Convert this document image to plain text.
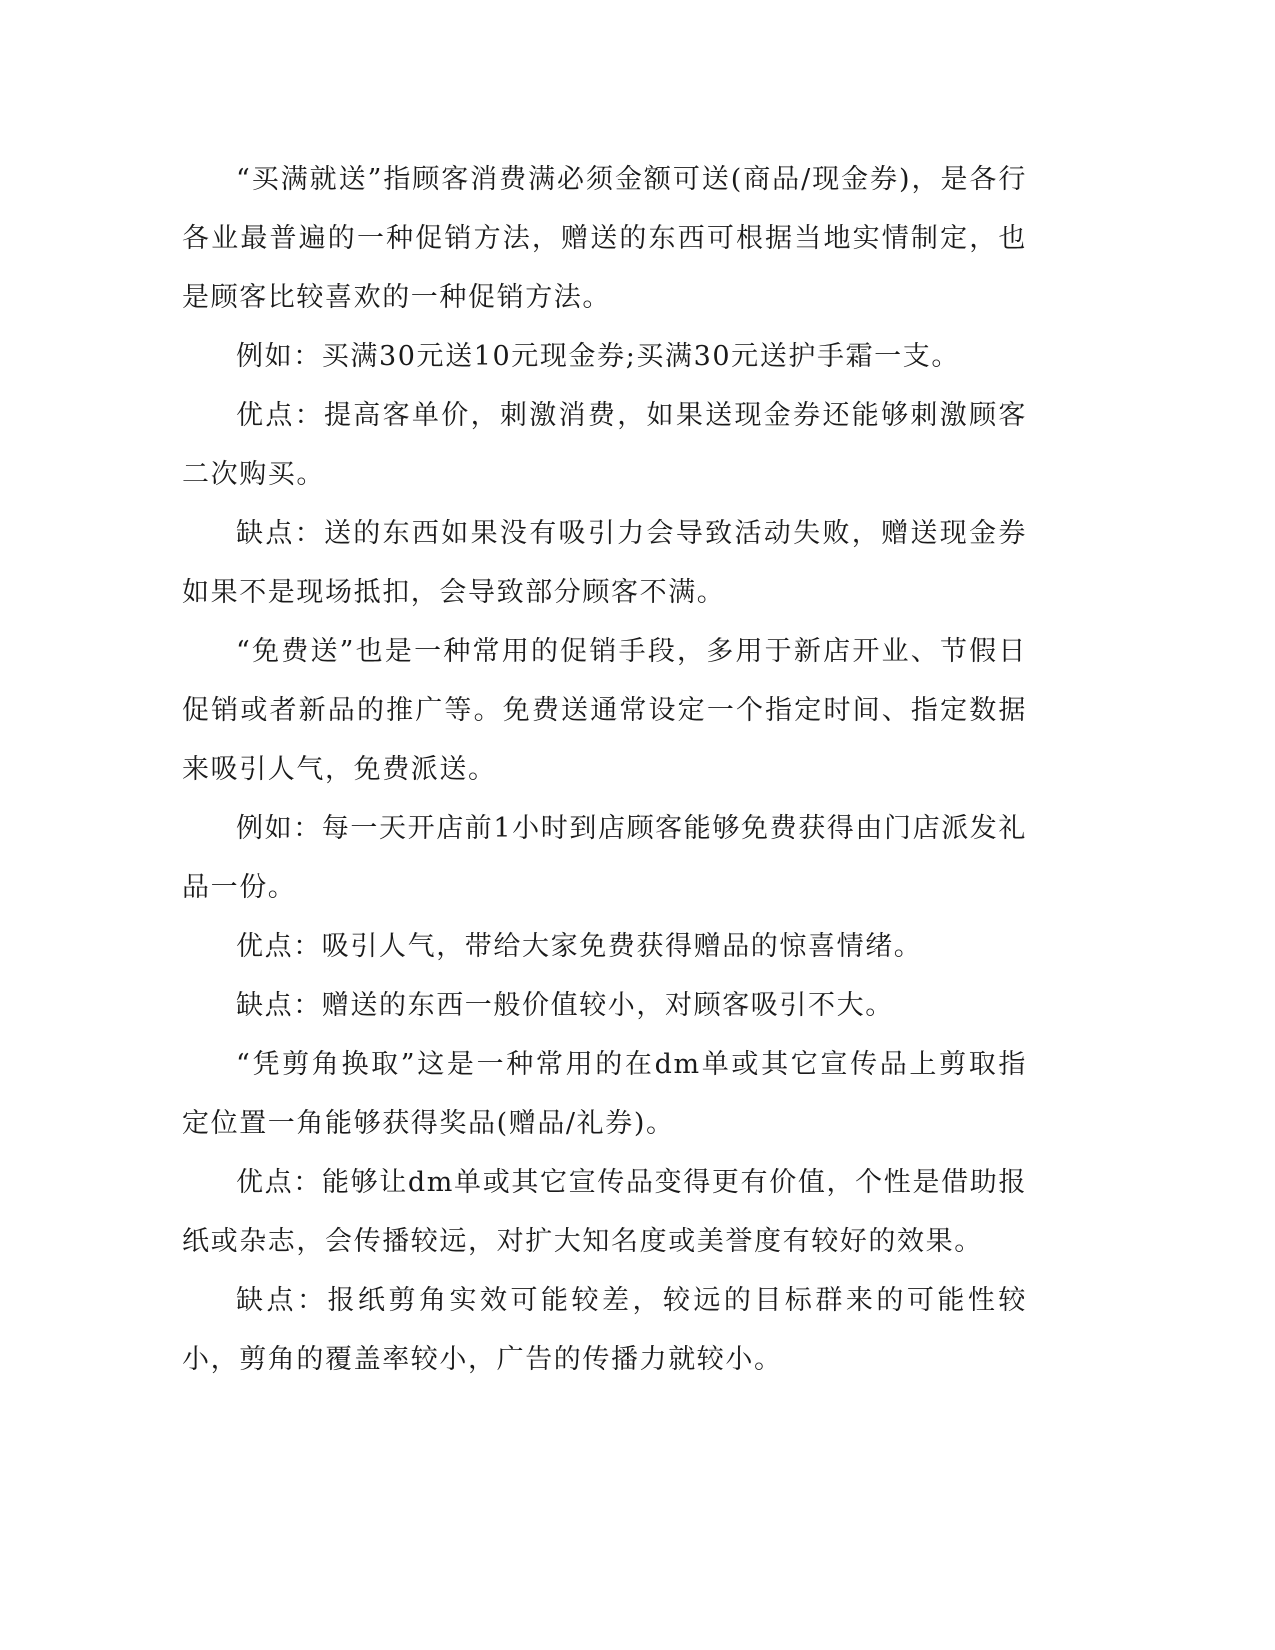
“买满就送”指顾客消费满必须金额可送(商品/现金券)，是各行各业最普遍的一种促销方法，赠送的东西可根据当地实情制定，也是顾客比较喜欢的一种促销方法。

例如：买满30元送10元现金券;买满30元送护手霜一支。

优点：提高客单价，刺激消费，如果送现金券还能够刺激顾客二次购买。

缺点：送的东西如果没有吸引力会导致活动失败，赠送现金券如果不是现场抵扣，会导致部分顾客不满。

“免费送”也是一种常用的促销手段，多用于新店开业、节假日促销或者新品的推广等。免费送通常设定一个指定时间、指定数据来吸引人气，免费派送。

例如：每一天开店前1小时到店顾客能够免费获得由门店派发礼品一份。

优点：吸引人气，带给大家免费获得赠品的惊喜情绪。

缺点：赠送的东西一般价值较小，对顾客吸引不大。

“凭剪角换取”这是一种常用的在dm单或其它宣传品上剪取指定位置一角能够获得奖品(赠品/礼券)。

优点：能够让dm单或其它宣传品变得更有价值，个性是借助报纸或杂志，会传播较远，对扩大知名度或美誉度有较好的效果。

缺点：报纸剪角实效可能较差，较远的目标群来的可能性较小，剪角的覆盖率较小，广告的传播力就较小。
